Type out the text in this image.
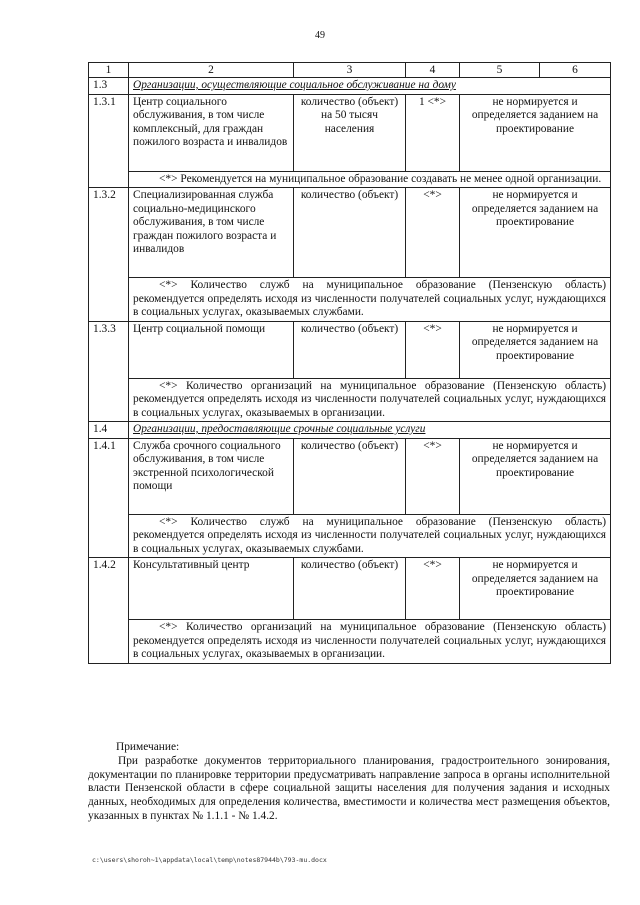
49
1	2	3	4	5	6
1.3	Организации, осуществляющие социальное обслуживание на дому				
1.3.1	Центр социального обслуживания, в том числе комплексный, для граждан пожилого возраста и инвалидов	количество (объект) на 50 тысяч населения	1 <*>	не нормируется и определяется заданием на проектирование	

	<*> Рекомендуется на муниципальное образование создавать не менее одной организации.				

1.3.2	Специализированная служба социально-медицинского обслуживания, в том числе граждан пожилого возраста и инвалидов	количество (объект)	<*>	не нормируется и определяется заданием на проектирование	

	<*> Количество служб на муниципальное образование (Пензенскую область) рекомендуется определять исходя из численности получателей социальных услуг, нуждающихся в социальных услугах, оказываемых службами.				

1.3.3	Центр социальной помощи	количество (объект)	<*>	не нормируется и определяется заданием на проектирование	

	<*> Количество организаций на муниципальное образование (Пензенскую область) рекомендуется определять исходя из численности получателей социальных услуг, нуждающихся в социальных услугах, оказываемых в организации.				

1.4	Организации, предоставляющие срочные социальные услуги				
1.4.1	Служба срочного социального обслуживания, в том числе экстренной психологической помощи	количество (объект)	<*>	не нормируется и определяется заданием на проектирование	

	<*> Количество служб на муниципальное образование (Пензенскую область) рекомендуется определять исходя из численности получателей социальных услуг, нуждающихся в социальных услугах, оказываемых службами.				

1.4.2	Консультативный центр	количество (объект)	<*>	не нормируется и определяется заданием на проектирование	

	<*> Количество организаций на муниципальное образование (Пензенскую область) рекомендуется определять исходя из численности получателей социальных услуг, нуждающихся в социальных услугах, оказываемых в организации.				
Примечание:

При разработке документов территориального планирования, градостроительного зонирования, документации по планировке территории предусматривать направление запроса в органы исполнительной власти Пензенской области в сфере социальной защиты населения для получения задания и исходных данных, необходимых для определения количества, вместимости и количества мест размещения объектов, указанных в пунктах № 1.1.1 - № 1.4.2.

c:\users\shoroh~1\appdata\local\temp\notes87944b\793-mu.docx
